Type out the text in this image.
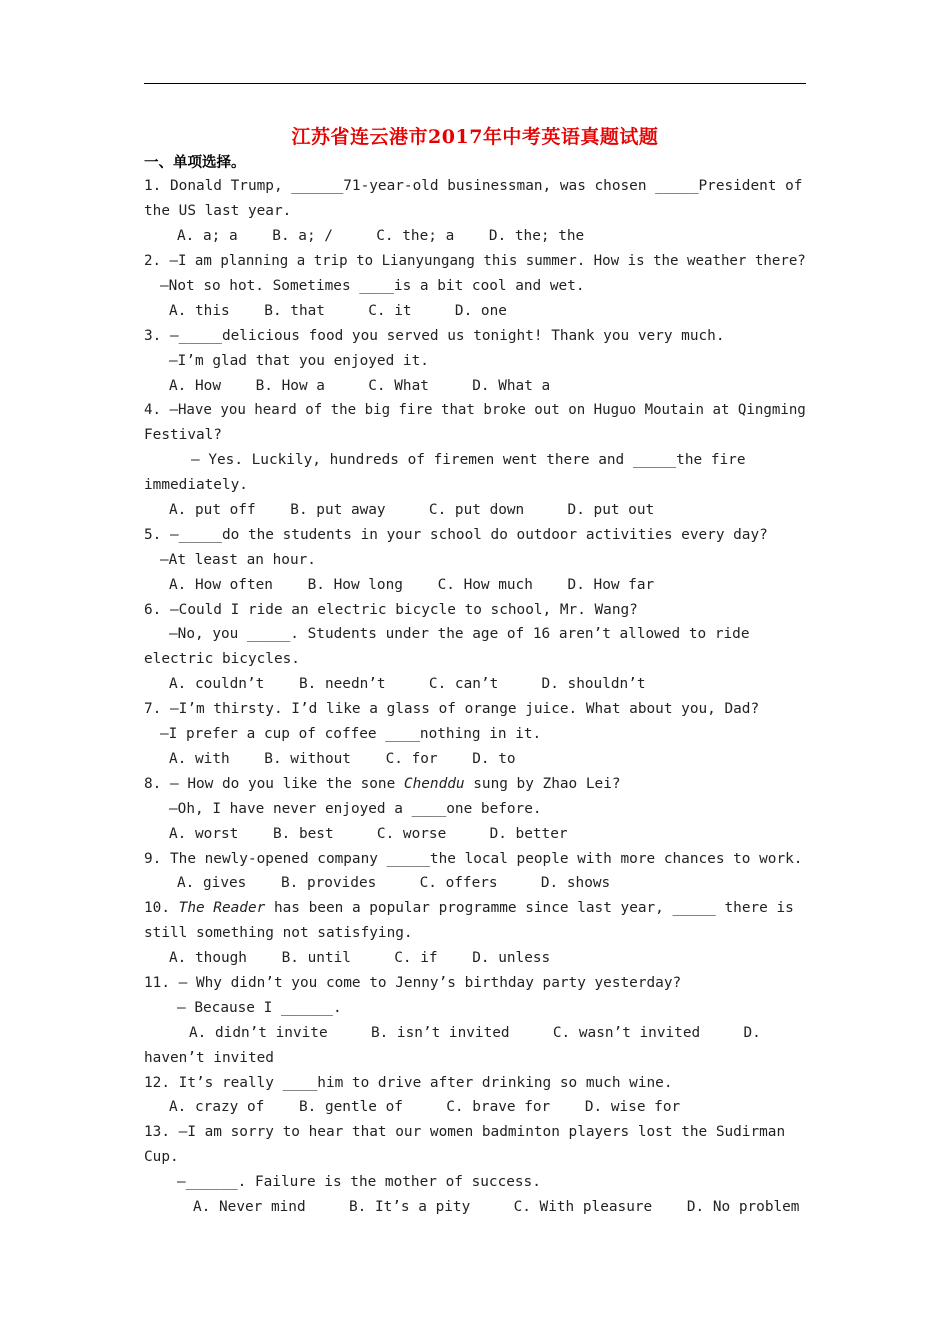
江苏省连云港市2017年中考英语真题试题
一、单项选择。
1. Donald Trump, ______71-year-old businessman, was chosen _____President of
the US last year.
A. a; a    B. a; /     C. the; a    D. the; the
2. —I am planning a trip to Lianyungang this summer. How is the weather there?
—Not so hot. Sometimes ____is a bit cool and wet.
A. this    B. that     C. it     D. one
3. —_____delicious food you served us tonight! Thank you very much.
—I’m glad that you enjoyed it.
A. How    B. How a     C. What     D. What a
4. —Have you heard of the big fire that broke out on Huguo Moutain at Qingming
Festival?
— Yes. Luckily, hundreds of firemen went there and _____the fire
immediately.
A. put off    B. put away     C. put down     D. put out
5. —_____do the students in your school do outdoor activities every day?
—At least an hour.
A. How often    B. How long    C. How much    D. How far
6. —Could I ride an electric bicycle to school, Mr. Wang?
—No, you _____. Students under the age of 16 aren’t allowed to ride
electric bicycles.
A. couldn’t    B. needn’t     C. can’t     D. shouldn’t
7. —I’m thirsty. I’d like a glass of orange juice. What about you, Dad?
—I prefer a cup of coffee ____nothing in it.
A. with    B. without    C. for    D. to
8. — How do you like the sone Chenddu sung by Zhao Lei?
—Oh, I have never enjoyed a ____one before.
A. worst    B. best     C. worse     D. better
9. The newly-opened company _____the local people with more chances to work.
A. gives    B. provides     C. offers     D. shows
10. The Reader has been a popular programme since last year, _____ there is
still something not satisfying.
A. though    B. until     C. if    D. unless
11. — Why didn’t you come to Jenny’s birthday party yesterday?
— Because I ______.
A. didn’t invite     B. isn’t invited     C. wasn’t invited     D.
haven’t invited
12. It’s really ____him to drive after drinking so much wine.
A. crazy of    B. gentle of     C. brave for    D. wise for
13. —I am sorry to hear that our women badminton players lost the Sudirman
Cup.
—______. Failure is the mother of success.
A. Never mind     B. It’s a pity     C. With pleasure    D. No problem
